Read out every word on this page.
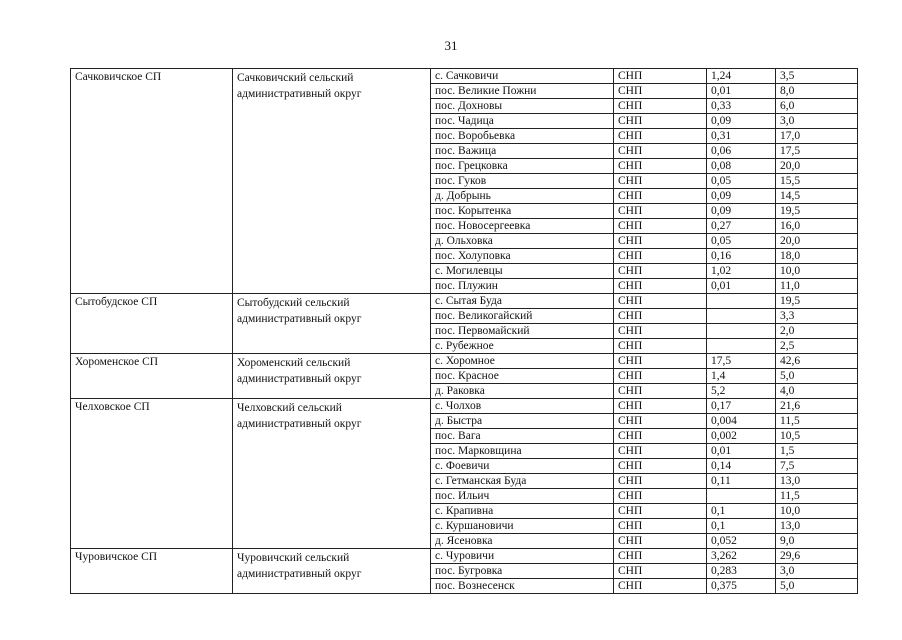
31
Сачковичское СП	Сачковичский сельский административный округ	с. Сачковичи	СНП	1,24	3,5
		пос. Великие Пожни	СНП	0,01	8,0
		пос. Дохновы	СНП	0,33	6,0
		пос. Чадица	СНП	0,09	3,0
		пос. Воробьевка	СНП	0,31	17,0
		пос. Важица	СНП	0,06	17,5
		пос. Грецковка	СНП	0,08	20,0
		пос. Гуков	СНП	0,05	15,5
		д. Добрынь	СНП	0,09	14,5
		пос. Корытенка	СНП	0,09	19,5
		пос. Новосергеевка	СНП	0,27	16,0
		д. Ольховка	СНП	0,05	20,0
		пос. Холуповка	СНП	0,16	18,0
		с. Могилевцы	СНП	1,02	10,0
		пос. Плужин	СНП	0,01	11,0
Сытобудское СП	Сытобудский сельский административный округ	с. Сытая Буда	СНП		19,5
		пос. Великогайский	СНП		3,3
		пос. Первомайский	СНП		2,0
		с. Рубежное	СНП		2,5
Хороменское СП	Хороменский сельский административный округ	с. Хоромное	СНП	17,5	42,6
		пос. Красное	СНП	1,4	5,0
		д. Раковка	СНП	5,2	4,0
Челховское СП	Челховский сельский административный округ	с. Чолхов	СНП	0,17	21,6
		д. Быстра	СНП	0,004	11,5
		пос. Вага	СНП	0,002	10,5
		пос. Марковщина	СНП	0,01	1,5
		с. Фоевичи	СНП	0,14	7,5
		с. Гетманская Буда	СНП	0,11	13,0
		пос. Ильич	СНП		11,5
		с. Крапивна	СНП	0,1	10,0
		с. Куршановичи	СНП	0,1	13,0
		д. Ясеновка	СНП	0,052	9,0
Чуровичское СП	Чуровичский сельский административный округ	с. Чуровичи	СНП	3,262	29,6
		пос. Бугровка	СНП	0,283	3,0
		пос. Вознесенск	СНП	0,375	5,0
